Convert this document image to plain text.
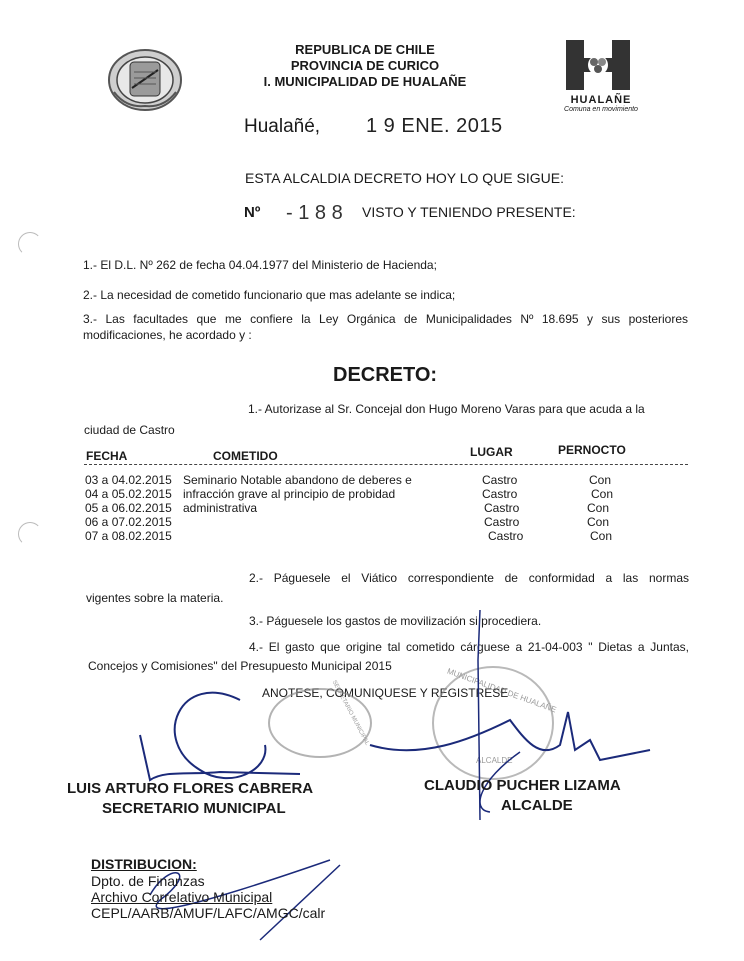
REPUBLICA DE CHILE
PROVINCIA DE CURICO
I. MUNICIPALIDAD DE HUALAÑE
HUALAÑE
Comuna en movimiento
Hualañé, 1 9 ENE. 2015
ESTA ALCALDIA DECRETO HOY LO QUE SIGUE:
Nº - 1 8 8 VISTO Y TENIENDO PRESENTE:
1.- El D.L. Nº 262 de fecha 04.04.1977 del Ministerio de Hacienda;
2.- La necesidad de cometido funcionario que mas adelante se indica;
3.- Las facultades que me confiere la Ley Orgánica de Municipalidades Nº 18.695 y sus posteriores
modificaciones, he acordado y :
DECRETO:
1.- Autorizase al Sr. Concejal don Hugo Moreno Varas para que acuda a la
ciudad de Castro
FECHA	COMETIDO	LUGAR	PERNOCTO
03 a 04.02.2015 Seminario Notable abandono de deberes e	Castro	Con
04 a 05.02.2015 infracción grave al principio de probidad	Castro	Con
05 a 06.02.2015 administrativa	Castro	Con
06 a 07.02.2015	Castro	Con
07 a 08.02.2015	Castro	Con
2.- Páguesele el Viático correspondiente de conformidad a las normas
vigentes sobre la materia.
3.- Páguesele los gastos de movilización si procediera.
4.- El gasto que origine tal cometido cárguese a 21-04-003 " Dietas a Juntas,
Concejos y Comisiones" del Presupuesto Municipal 2015
ANOTESE, COMUNIQUESE Y REGISTRESE
SECRETARIO MUNICIPAL	MUNICIPALIDAD DE HUALAÑE
ALCALDE
LUIS ARTURO FLORES CABRERA
SECRETARIO MUNICIPAL
CLAUDIO PUCHER LIZAMA
ALCALDE
DISTRIBUCION:
Dpto. de Finanzas
Archivo Correlativo Municipal
CEPL/AARB/AMUF/LAFC/AMGC/calr
